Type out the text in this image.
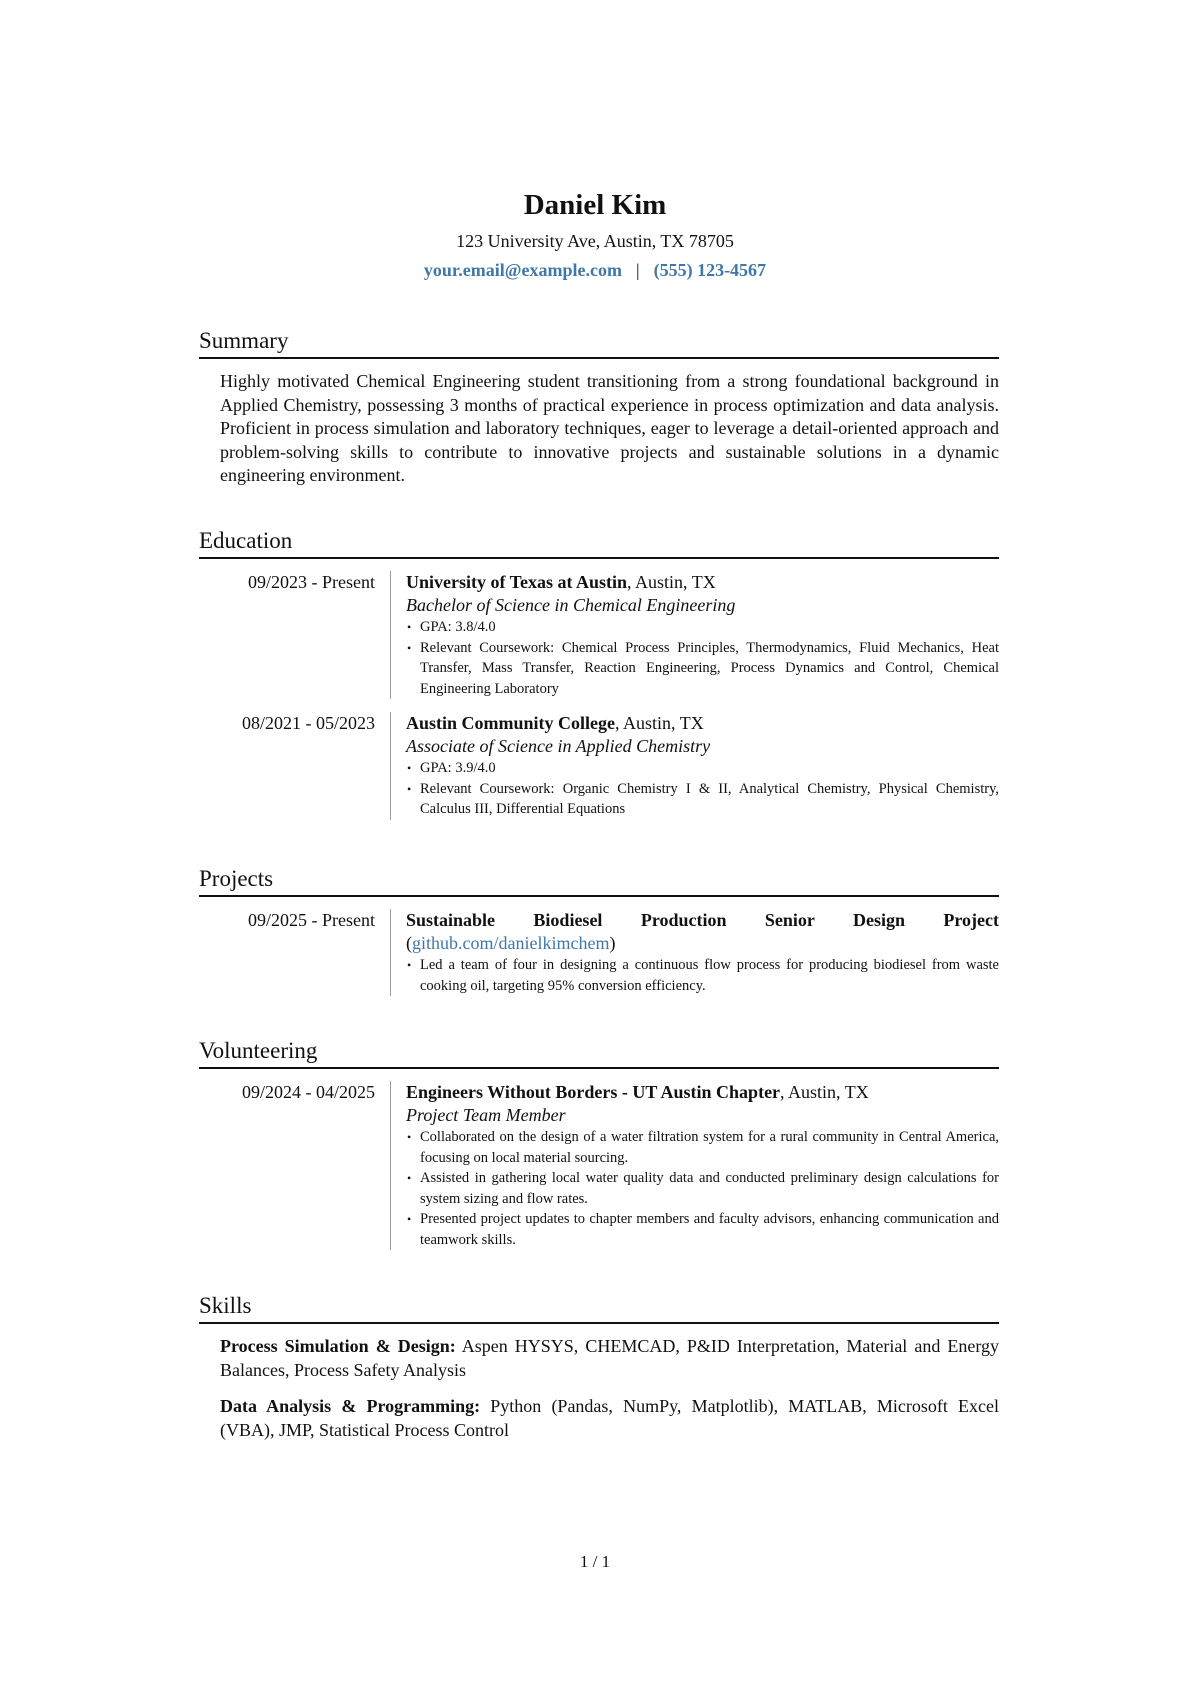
Daniel Kim
123 University Ave, Austin, TX 78705
your.email@example.com | (555) 123-4567
Summary
Highly motivated Chemical Engineering student transitioning from a strong foundational background in Applied Chemistry, possessing 3 months of practical experience in process optimization and data analysis. Proficient in process simulation and laboratory techniques, eager to leverage a detail-oriented approach and problem-solving skills to contribute to innovative projects and sustainable solutions in a dynamic engineering environment.
Education
09/2023 - Present	University of Texas at Austin, Austin, TX
Bachelor of Science in Chemical Engineering
• GPA: 3.8/4.0
• Relevant Coursework: Chemical Process Principles, Thermodynamics, Fluid Mechanics, Heat Transfer, Mass Transfer, Reaction Engineering, Process Dynamics and Control, Chemical Engineering Laboratory
08/2021 - 05/2023	Austin Community College, Austin, TX
Associate of Science in Applied Chemistry
• GPA: 3.9/4.0
• Relevant Coursework: Organic Chemistry I & II, Analytical Chemistry, Physical Chemistry, Calculus III, Differential Equations
Projects
09/2025 - Present	Sustainable Biodiesel Production Senior Design Project (github.com/danielkimchem)
• Led a team of four in designing a continuous flow process for producing biodiesel from waste cooking oil, targeting 95% conversion efficiency.
Volunteering
09/2024 - 04/2025	Engineers Without Borders - UT Austin Chapter, Austin, TX
Project Team Member
• Collaborated on the design of a water filtration system for a rural community in Central America, focusing on local material sourcing.
• Assisted in gathering local water quality data and conducted preliminary design calculations for system sizing and flow rates.
• Presented project updates to chapter members and faculty advisors, enhancing communication and teamwork skills.
Skills
Process Simulation & Design: Aspen HYSYS, CHEMCAD, P&ID Interpretation, Material and Energy Balances, Process Safety Analysis
Data Analysis & Programming: Python (Pandas, NumPy, Matplotlib), MATLAB, Microsoft Excel (VBA), JMP, Statistical Process Control
1 / 1
